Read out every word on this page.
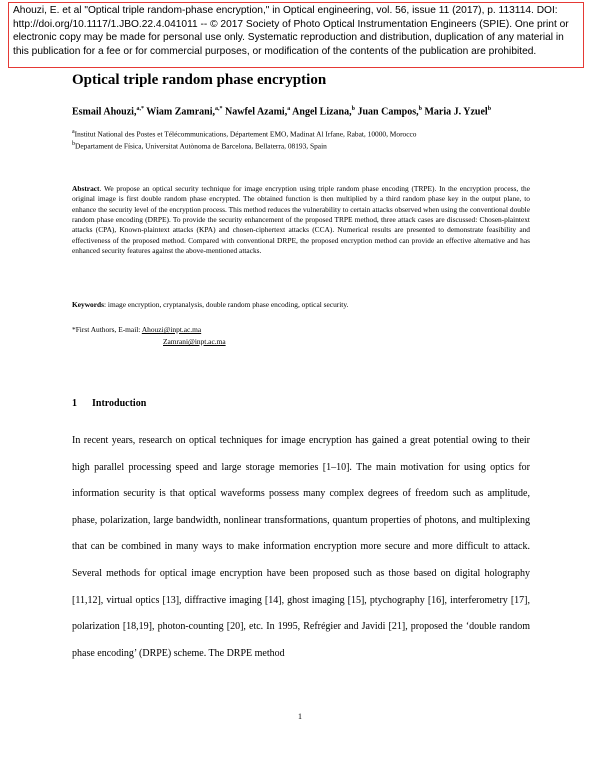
Ahouzi, E. et al "Optical triple random-phase encryption," in Optical engineering, vol. 56, issue 11 (2017), p. 113114. DOI: http://doi.org/10.1117/1.JBO.22.4.041011 -- © 2017 Society of Photo Optical Instrumentation Engineers (SPIE). One print or electronic copy may be made for personal use only. Systematic reproduction and distribution, duplication of any material in this publication for a fee or for commercial purposes, or modification of the contents of the publication are prohibited.
Optical triple random phase encryption
Esmail Ahouzi,$^{a,*}$ Wiam Zamrani,$^{a,*}$ Nawfel Azami,$^a$ Angel Lizana,$^b$ Juan Campos,$^b$ Maria J. Yzuel$^b$
$^a$Institut National des Postes et Télécommunications, Département EMO, Madinat Al Irfane, Rabat, 10000, Morocco
$^b$Departament de Física, Universitat Autònoma de Barcelona, Bellaterra, 08193, Spain
Abstract. We propose an optical security technique for image encryption using triple random phase encoding (TRPE). In the encryption process, the original image is first double random phase encrypted. The obtained function is then multiplied by a third random phase key in the output plane, to enhance the security level of the encryption process. This method reduces the vulnerability to certain attacks observed when using the conventional double random phase encoding (DRPE). To provide the security enhancement of the proposed TRPE method, three attack cases are discussed: Chosen-plaintext attacks (CPA), Known-plaintext attacks (KPA) and chosen-ciphertext attacks (CCA). Numerical results are presented to demonstrate feasibility and effectiveness of the proposed method. Compared with conventional DRPE, the proposed encryption method can provide an effective alternative and has enhanced security features against the above-mentioned attacks.
Keywords: image encryption, cryptanalysis, double random phase encoding, optical security.
*First Authors, E-mail: Ahouzi@inpt.ac.ma
Zamrani@inpt.ac.ma
1 Introduction
In recent years, research on optical techniques for image encryption has gained a great potential owing to their high parallel processing speed and large storage memories [1–10]. The main motivation for using optics for information security is that optical waveforms possess many complex degrees of freedom such as amplitude, phase, polarization, large bandwidth, nonlinear transformations, quantum properties of photons, and multiplexing that can be combined in many ways to make information encryption more secure and more difficult to attack. Several methods for optical image encryption have been proposed such as those based on digital holography [11,12], virtual optics [13], diffractive imaging [14], ghost imaging [15], ptychography [16], interferometry [17], polarization [18,19], photon-counting [20], etc. In 1995, Refrégier and Javidi [21], proposed the ‘double random phase encoding’ (DRPE) scheme. The DRPE method
1
